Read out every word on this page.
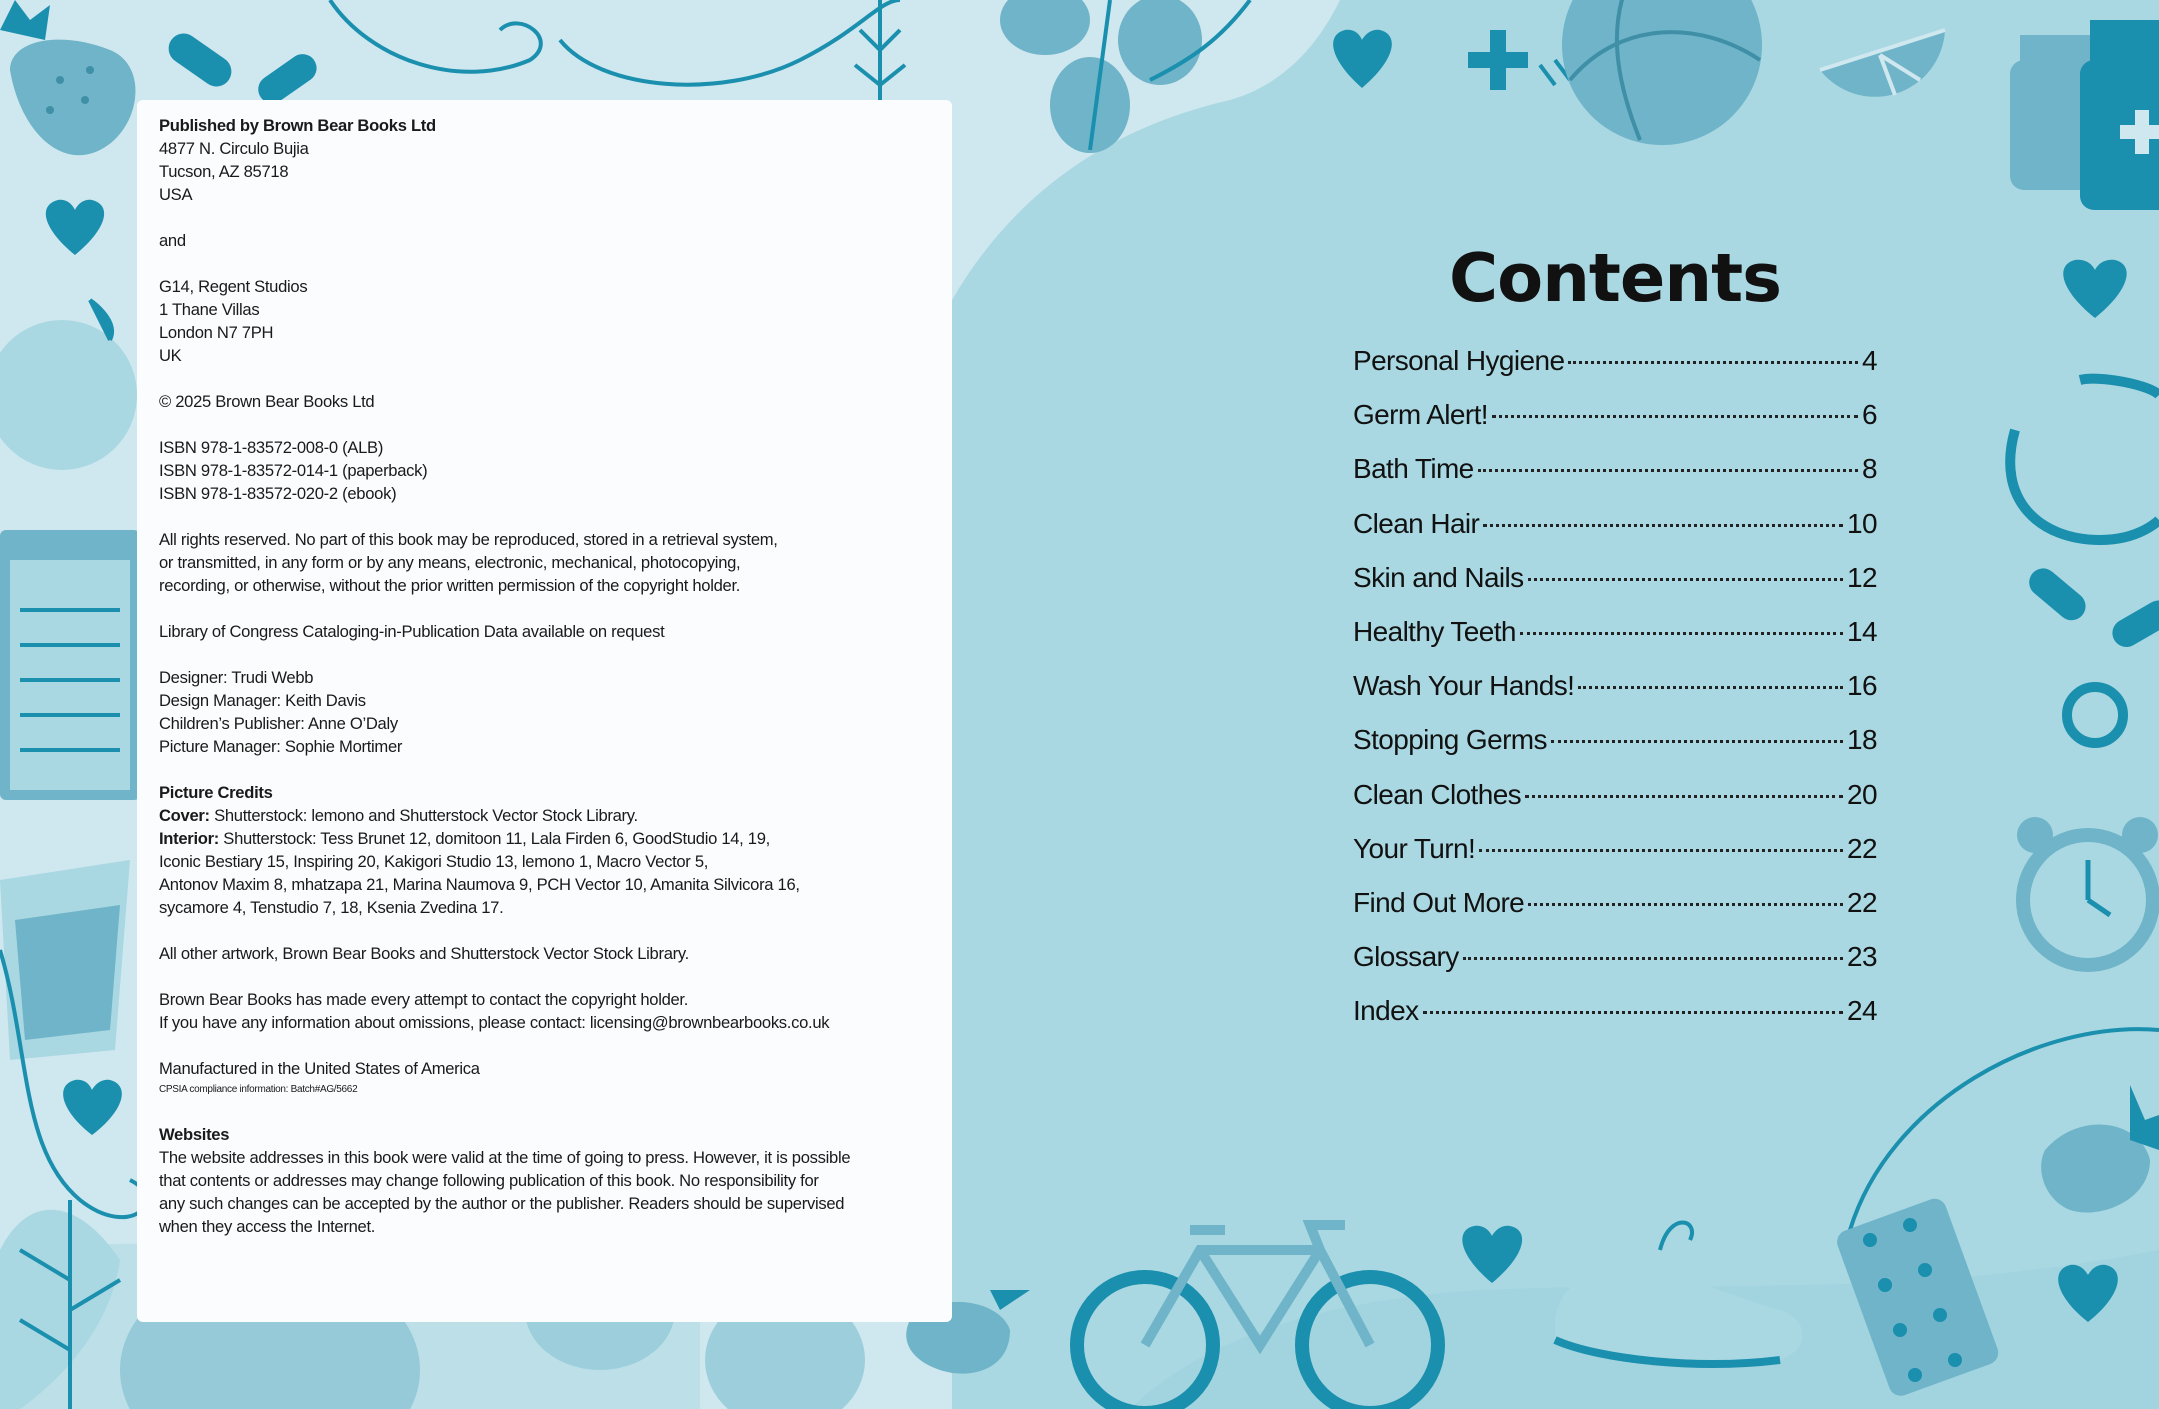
Published by Brown Bear Books Ltd
4877 N. Circulo Bujia
Tucson, AZ 85718
USA

and

G14, Regent Studios
1 Thane Villas
London N7 7PH
UK

© 2025 Brown Bear Books Ltd

ISBN 978-1-83572-008-0 (ALB)
ISBN 978-1-83572-014-1 (paperback)
ISBN 978-1-83572-020-2 (ebook)

All rights reserved. No part of this book may be reproduced, stored in a retrieval system,
or transmitted, in any form or by any means, electronic, mechanical, photocopying,
recording, or otherwise, without the prior written permission of the copyright holder.

Library of Congress Cataloging-in-Publication Data available on request

Designer: Trudi Webb
Design Manager: Keith Davis
Children’s Publisher: Anne O’Daly
Picture Manager: Sophie Mortimer

Picture Credits
Cover: Shutterstock: lemono and Shutterstock Vector Stock Library.
Interior: Shutterstock: Tess Brunet 12, domitoon 11, Lala Firden 6, GoodStudio 14, 19,
Iconic Bestiary 15, Inspiring 20, Kakigori Studio 13, lemono 1, Macro Vector 5,
Antonov Maxim 8, mhatzapa 21, Marina Naumova 9, PCH Vector 10, Amanita Silvicora 16,
sycamore 4, Tenstudio 7, 18, Ksenia Zvedina 17.

All other artwork, Brown Bear Books and Shutterstock Vector Stock Library.

Brown Bear Books has made every attempt to contact the copyright holder.
If you have any information about omissions, please contact: licensing@brownbearbooks.co.uk

Manufactured in the United States of America
CPSIA compliance information: Batch#AG/5662

Websites
The website addresses in this book were valid at the time of going to press. However, it is possible
that contents or addresses may change following publication of this book. No responsibility for
any such changes can be accepted by the author or the publisher. Readers should be supervised
when they access the Internet.

Contents
Personal Hygiene	4
Germ Alert!	6
Bath Time	8
Clean Hair	10
Skin and Nails	12
Healthy Teeth	14
Wash Your Hands!	16
Stopping Germs	18
Clean Clothes	20
Your Turn!	22
Find Out More	22
Glossary	23
Index	24
